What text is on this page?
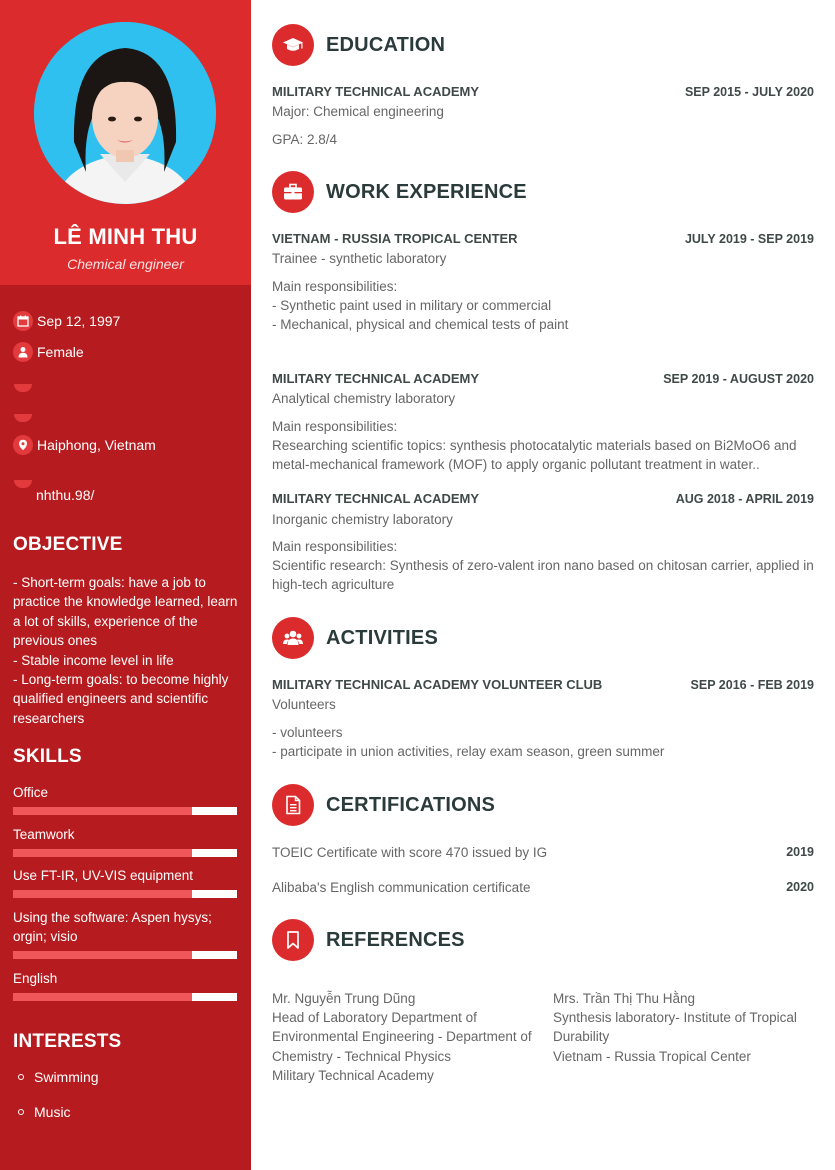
LÊ MINH THU
Chemical engineer
Sep 12, 1997
Female
Haiphong, Vietnam
nhthu.98/
OBJECTIVE
- Short-term goals: have a job to practice the knowledge learned, learn a lot of skills, experience of the previous ones
- Stable income level in life
- Long-term goals: to become highly qualified engineers and scientific researchers
SKILLS
Office
Teamwork
Use FT-IR, UV-VIS equipment
Using the software: Aspen hysys; orgin; visio
English
INTERESTS
Swimming
Music
EDUCATION
MILITARY TECHNICAL ACADEMY	SEP 2015 - JULY 2020
Major: Chemical engineering
GPA: 2.8/4
WORK EXPERIENCE
VIETNAM - RUSSIA TROPICAL CENTER	JULY 2019 - SEP 2019
Trainee - synthetic laboratory
Main responsibilities:
- Synthetic paint used in military or commercial
- Mechanical, physical and chemical tests of paint
MILITARY TECHNICAL ACADEMY	SEP 2019 - AUGUST 2020
Analytical chemistry laboratory
Main responsibilities:
Researching scientific topics: synthesis photocatalytic materials based on Bi2MoO6 and metal-mechanical framework (MOF) to apply organic pollutant treatment in water..
MILITARY TECHNICAL ACADEMY	AUG 2018 - APRIL 2019
Inorganic chemistry laboratory
Main responsibilities:
Scientific research: Synthesis of zero-valent iron nano based on chitosan carrier, applied in high-tech agriculture
ACTIVITIES
MILITARY TECHNICAL ACADEMY VOLUNTEER CLUB	SEP 2016 - FEB 2019
Volunteers
- volunteers
- participate in union activities, relay exam season, green summer
CERTIFICATIONS
TOEIC Certificate with score 470 issued by IG	2019
Alibaba's English communication certificate	2020
REFERENCES
Mr. Nguyễn Trung Dũng
Head of Laboratory Department of Environmental Engineering - Department of Chemistry - Technical Physics
Military Technical Academy
Mrs. Trần Thị Thu Hằng
Synthesis laboratory- Institute of Tropical Durability
Vietnam - Russia Tropical Center
